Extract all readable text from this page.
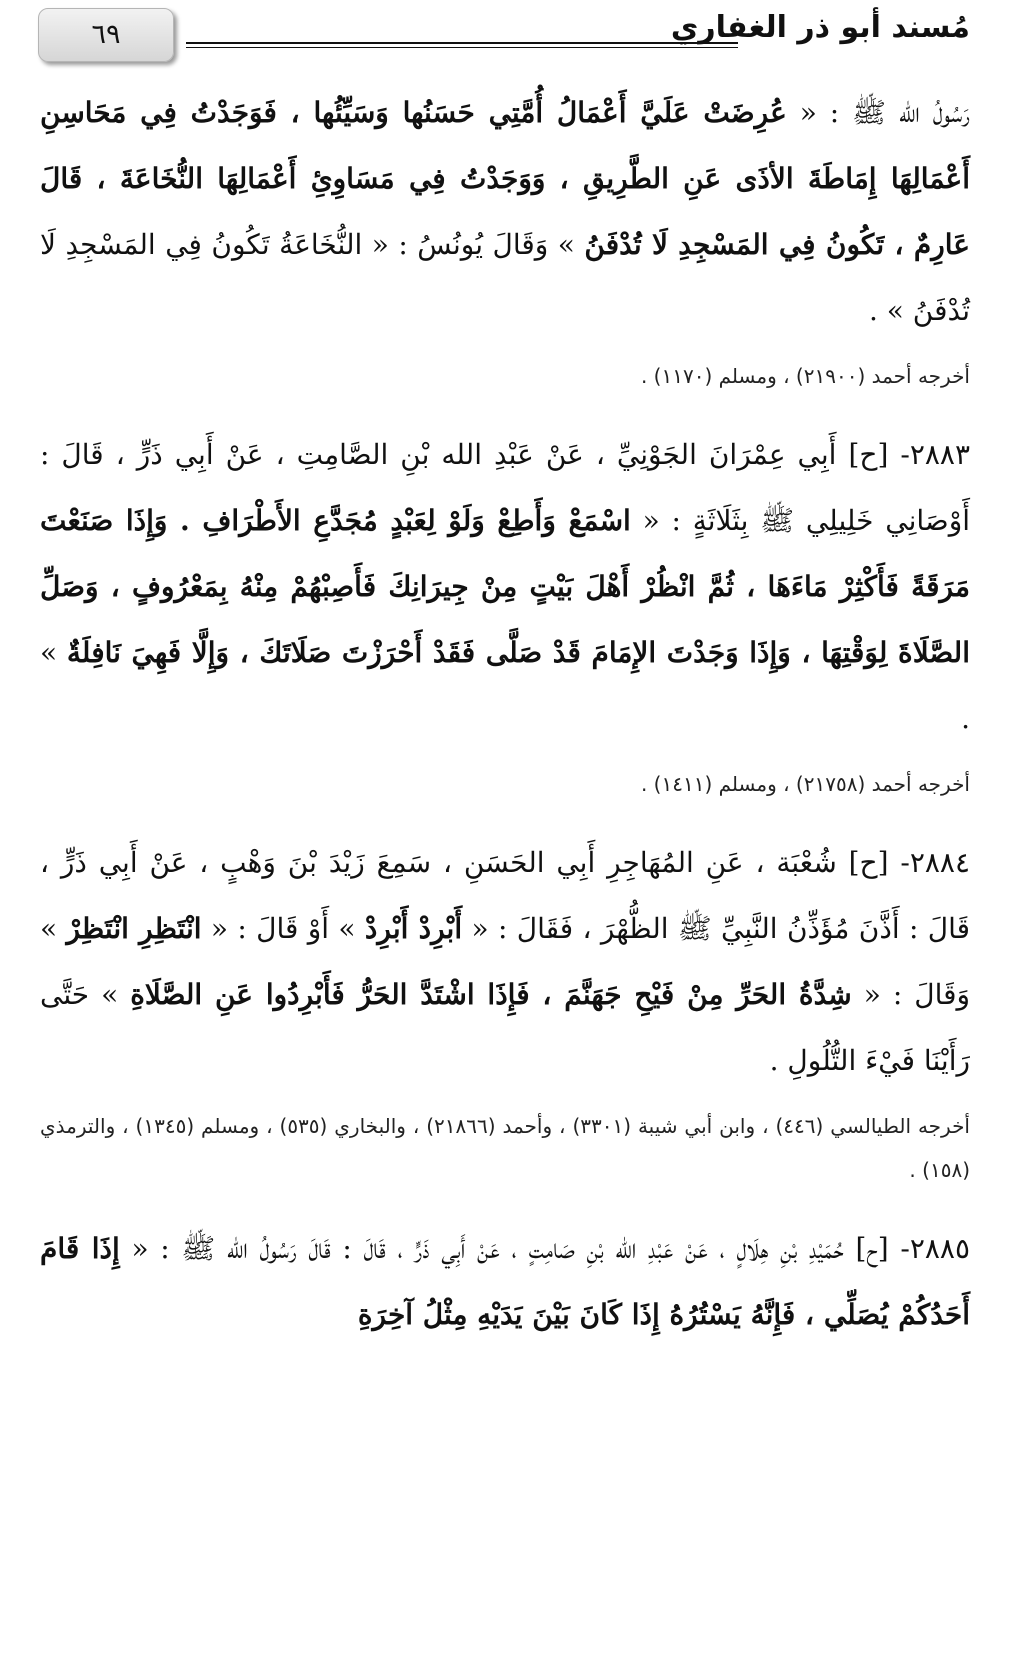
٦٩	مُسند أبو ذر الغفاري

رَسُولُ الله ﷺ : « عُرِضَتْ عَلَيَّ أَعْمَالُ أُمَّتِي حَسَنُها وَسَيِّئُها ، فَوَجَدْتُ فِي مَحَاسِنِ أَعْمَالِهَا إِمَاطَةَ الأذَى عَنِ الطَّرِيقِ ، وَوَجَدْتُ فِي مَسَاوِئِ أَعْمَالِهَا النُّخَاعَةَ ، قَالَ عَارِمٌ ، تَكُونُ فِي المَسْجِدِ لَا تُدْفَنُ » وَقَالَ يُونُسُ : « النُّخَاعَةُ تَكُونُ فِي المَسْجِدِ لَا تُدْفَنُ » .

أخرجه أحمد (٢١٩٠٠) ، ومسلم (١١٧٠) .

٢٨٨٣- [ح] أَبِي عِمْرَانَ الجَوْنِيِّ ، عَنْ عَبْدِ الله بْنِ الصَّامِتِ ، عَنْ أَبِي ذَرٍّ ، قَالَ : أَوْصَانِي خَلِيلِي ﷺ بِثَلَاثَةٍ : « اسْمَعْ وَأَطِعْ وَلَوْ لِعَبْدٍ مُجَدَّعِ الأَطْرَافِ . وَإِذَا صَنَعْتَ مَرَقَةً فَأَكْثِرْ مَاءَهَا ، ثُمَّ انْظُرْ أَهْلَ بَيْتٍ مِنْ جِيرَانِكَ فَأَصِبْهُمْ مِنْهُ بِمَعْرُوفٍ ، وَصَلِّ الصَّلَاةَ لِوَقْتِهَا ، وَإِذَا وَجَدْتَ الإِمَامَ قَدْ صَلَّى فَقَدْ أَحْرَزْتَ صَلَاتَكَ ، وَإِلَّا فَهِيَ نَافِلَةٌ » .

أخرجه أحمد (٢١٧٥٨) ، ومسلم (١٤١١) .

٢٨٨٤- [ح] شُعْبَة ، عَنِ المُهَاجِرِ أَبِي الحَسَنِ ، سَمِعَ زَيْدَ بْنَ وَهْبٍ ، عَنْ أَبِي ذَرٍّ ، قَالَ : أَذَّنَ مُؤَذِّنُ النَّبِيِّ ﷺ الظُّهْرَ ، فَقَالَ : « أَبْرِدْ أَبْرِدْ » أَوْ قَالَ : « انْتَظِرِ انْتَظِرْ » وَقَالَ : « شِدَّةُ الحَرِّ مِنْ فَيْحِ جَهَنَّمَ ، فَإِذَا اشْتَدَّ الحَرُّ فَأَبْرِدُوا عَنِ الصَّلَاةِ » حَتَّى رَأَيْنَا فَيْءَ التُّلُولِ .

أخرجه الطيالسي (٤٤٦) ، وابن أبي شيبة (٣٣٠١) ، وأحمد (٢١٨٦٦) ، والبخاري (٥٣٥) ، ومسلم (١٣٤٥) ، والترمذي (١٥٨) .

٢٨٨٥- [ح] حُمَيْدِ بْنِ هِلَالٍ ، عَنْ عَبْدِ الله بْنِ صَامِتٍ ، عَنْ أَبِي ذَرٍّ ، قَالَ : قَالَ رَسُولُ الله ﷺ : « إِذَا قَامَ أَحَدُكُمْ يُصَلِّي ، فَإِنَّهُ يَسْتُرُهُ إِذَا كَانَ بَيْنَ يَدَيْهِ مِثْلُ آخِرَةِ
